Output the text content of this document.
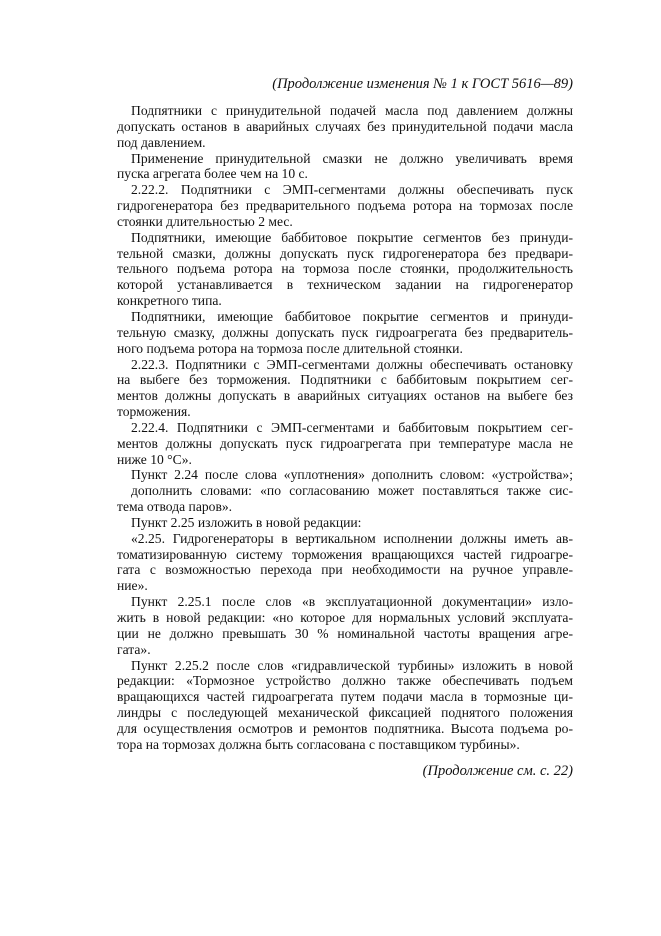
(Продолжение изменения № 1 к ГОСТ 5616—89)
Подпятники с принудительной подачей масла под давлением должны
допускать останов в аварийных случаях без принудительной подачи масла
под давлением.
Применение принудительной смазки не должно увеличивать время
пуска агрегата более чем на 10 с.
2.22.2. Подпятники с ЭМП-сегментами должны обеспечивать пуск
гидрогенератора без предварительного подъема ротора на тормозах после
стоянки длительностью 2 мес.
Подпятники, имеющие баббитовое покрытие сегментов без принуди-
тельной смазки, должны допускать пуск гидрогенератора без предвари-
тельного подъема ротора на тормоза после стоянки, продолжительность
которой устанавливается в техническом задании на гидрогенератор
конкретного типа.
Подпятники, имеющие баббитовое покрытие сегментов и принуди-
тельную смазку, должны допускать пуск гидроагрегата без предваритель-
ного подъема ротора на тормоза после длительной стоянки.
2.22.3. Подпятники с ЭМП-сегментами должны обеспечивать остановку
на выбеге без торможения. Подпятники с баббитовым покрытием сег-
ментов должны допускать в аварийных ситуациях останов на выбеге без
торможения.
2.22.4. Подпятники с ЭМП-сегментами и баббитовым покрытием сег-
ментов должны допускать пуск гидроагрегата при температуре масла не
ниже 10 °С».
Пункт 2.24 после слова «уплотнения» дополнить словом: «устройства»;
дополнить словами: «по согласованию может поставляться также сис-
тема отвода паров».
Пункт 2.25 изложить в новой редакции:
«2.25. Гидрогенераторы в вертикальном исполнении должны иметь ав-
томатизированную систему торможения вращающихся частей гидроагре-
гата с возможностью перехода при необходимости на ручное управле-
ние».
Пункт 2.25.1 после слов «в эксплуатационной документации» изло-
жить в новой редакции: «но которое для нормальных условий эксплуата-
ции не должно превышать 30 % номинальной частоты вращения агре-
гата».
Пункт 2.25.2 после слов «гидравлической турбины» изложить в новой
редакции: «Тормозное устройство должно также обеспечивать подъем
вращающихся частей гидроагрегата путем подачи масла в тормозные ци-
линдры с последующей механической фиксацией поднятого положения
для осуществления осмотров и ремонтов подпятника. Высота подъема ро-
тора на тормозах должна быть согласована с поставщиком турбины».
(Продолжение см. с. 22)
